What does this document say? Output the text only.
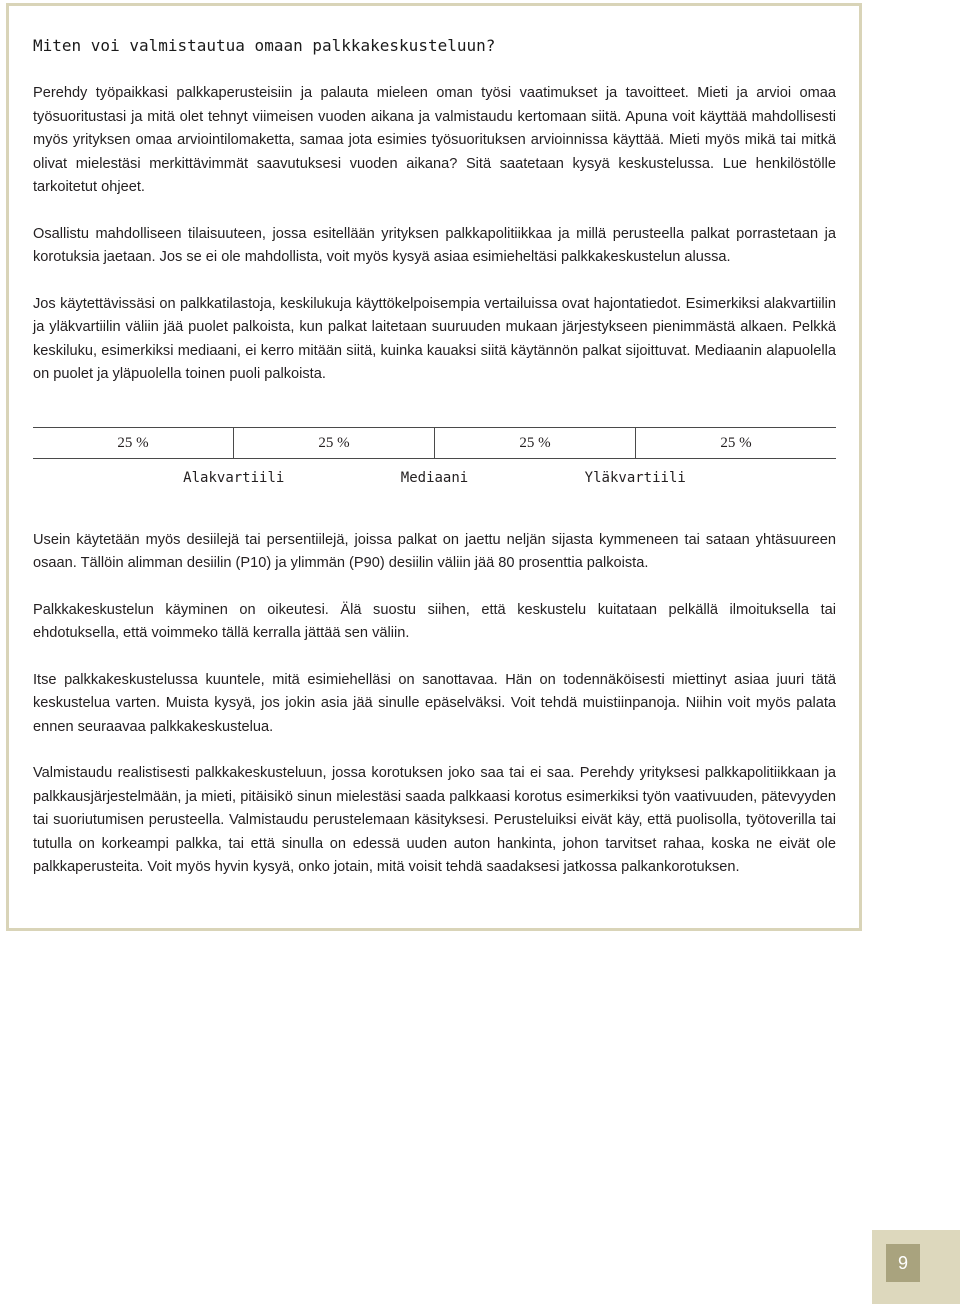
Miten voi valmistautua omaan palkkakeskusteluun?

Perehdy työpaikkasi palkkaperusteisiin ja palauta mieleen oman työsi vaatimukset ja tavoitteet. Mieti ja arvioi omaa työsuoritustasi ja mitä olet tehnyt viimeisen vuoden aikana ja valmistaudu kertomaan siitä. Apuna voit käyttää mahdollisesti myös yrityksen omaa arviointilomaketta, samaa jota esimies työsuorituksen arvioinnissa käyttää. Mieti myös mikä tai mitkä olivat mielestäsi merkittävimmät saavutuksesi vuoden aikana? Sitä saatetaan kysyä keskustelussa. Lue henkilöstölle tarkoitetut ohjeet.

Osallistu mahdolliseen tilaisuuteen, jossa esitellään yrityksen palkkapolitiikkaa ja millä perusteella palkat porrastetaan ja korotuksia jaetaan. Jos se ei ole mahdollista, voit myös kysyä asiaa esimieheltäsi palkkakeskustelun alussa.

Jos käytettävissäsi on palkkatilastoja, keskilukuja käyttökelpoisempia vertailuissa ovat hajontatiedot. Esimerkiksi alakvartiilin ja yläkvartiilin väliin jää puolet palkoista, kun palkat laitetaan suuruuden mukaan järjestykseen pienimmästä alkaen. Pelkkä keskiluku, esimerkiksi mediaani, ei kerro mitään siitä, kuinka kauaksi siitä käytännön palkat sijoittuvat. Mediaanin alapuolella on puolet ja yläpuolella toinen puoli palkoista.

25 %	25 %	25 %	25 %
Alakvartiili	Mediaani	Yläkvartiili

Usein käytetään myös desiilejä tai persentiilejä, joissa palkat on jaettu neljän sijasta kymmeneen tai sataan yhtäsuureen osaan. Tällöin alimman desiilin (P10) ja ylimmän (P90) desiilin väliin jää 80 prosenttia palkoista.

Palkkakeskustelun käyminen on oikeutesi. Älä suostu siihen, että keskustelu kuitataan pelkällä ilmoituksella tai ehdotuksella, että voimmeko tällä kerralla jättää sen väliin.

Itse palkkakeskustelussa kuuntele, mitä esimiehelläsi on sanottavaa. Hän on todennäköisesti miettinyt asiaa juuri tätä keskustelua varten. Muista kysyä, jos jokin asia jää sinulle epäselväksi. Voit tehdä muistiinpanoja. Niihin voit myös palata ennen seuraavaa palkkakeskustelua.

Valmistaudu realistisesti palkkakeskusteluun, jossa korotuksen joko saa tai ei saa. Perehdy yrityksesi palkkapolitiikkaan ja palkkausjärjestelmään, ja mieti, pitäisikö sinun mielestäsi saada palkkaasi korotus esimerkiksi työn vaativuuden, pätevyyden tai suoriutumisen perusteella. Valmistaudu perustelemaan käsityksesi. Perusteluiksi eivät käy, että puolisolla, työtoverilla tai tutulla on korkeampi palkka, tai että sinulla on edessä uuden auton hankinta, johon tarvitset rahaa, koska ne eivät ole palkkaperusteita. Voit myös hyvin kysyä, onko jotain, mitä voisit tehdä saadaksesi jatkossa palkankorotuksen.

9
